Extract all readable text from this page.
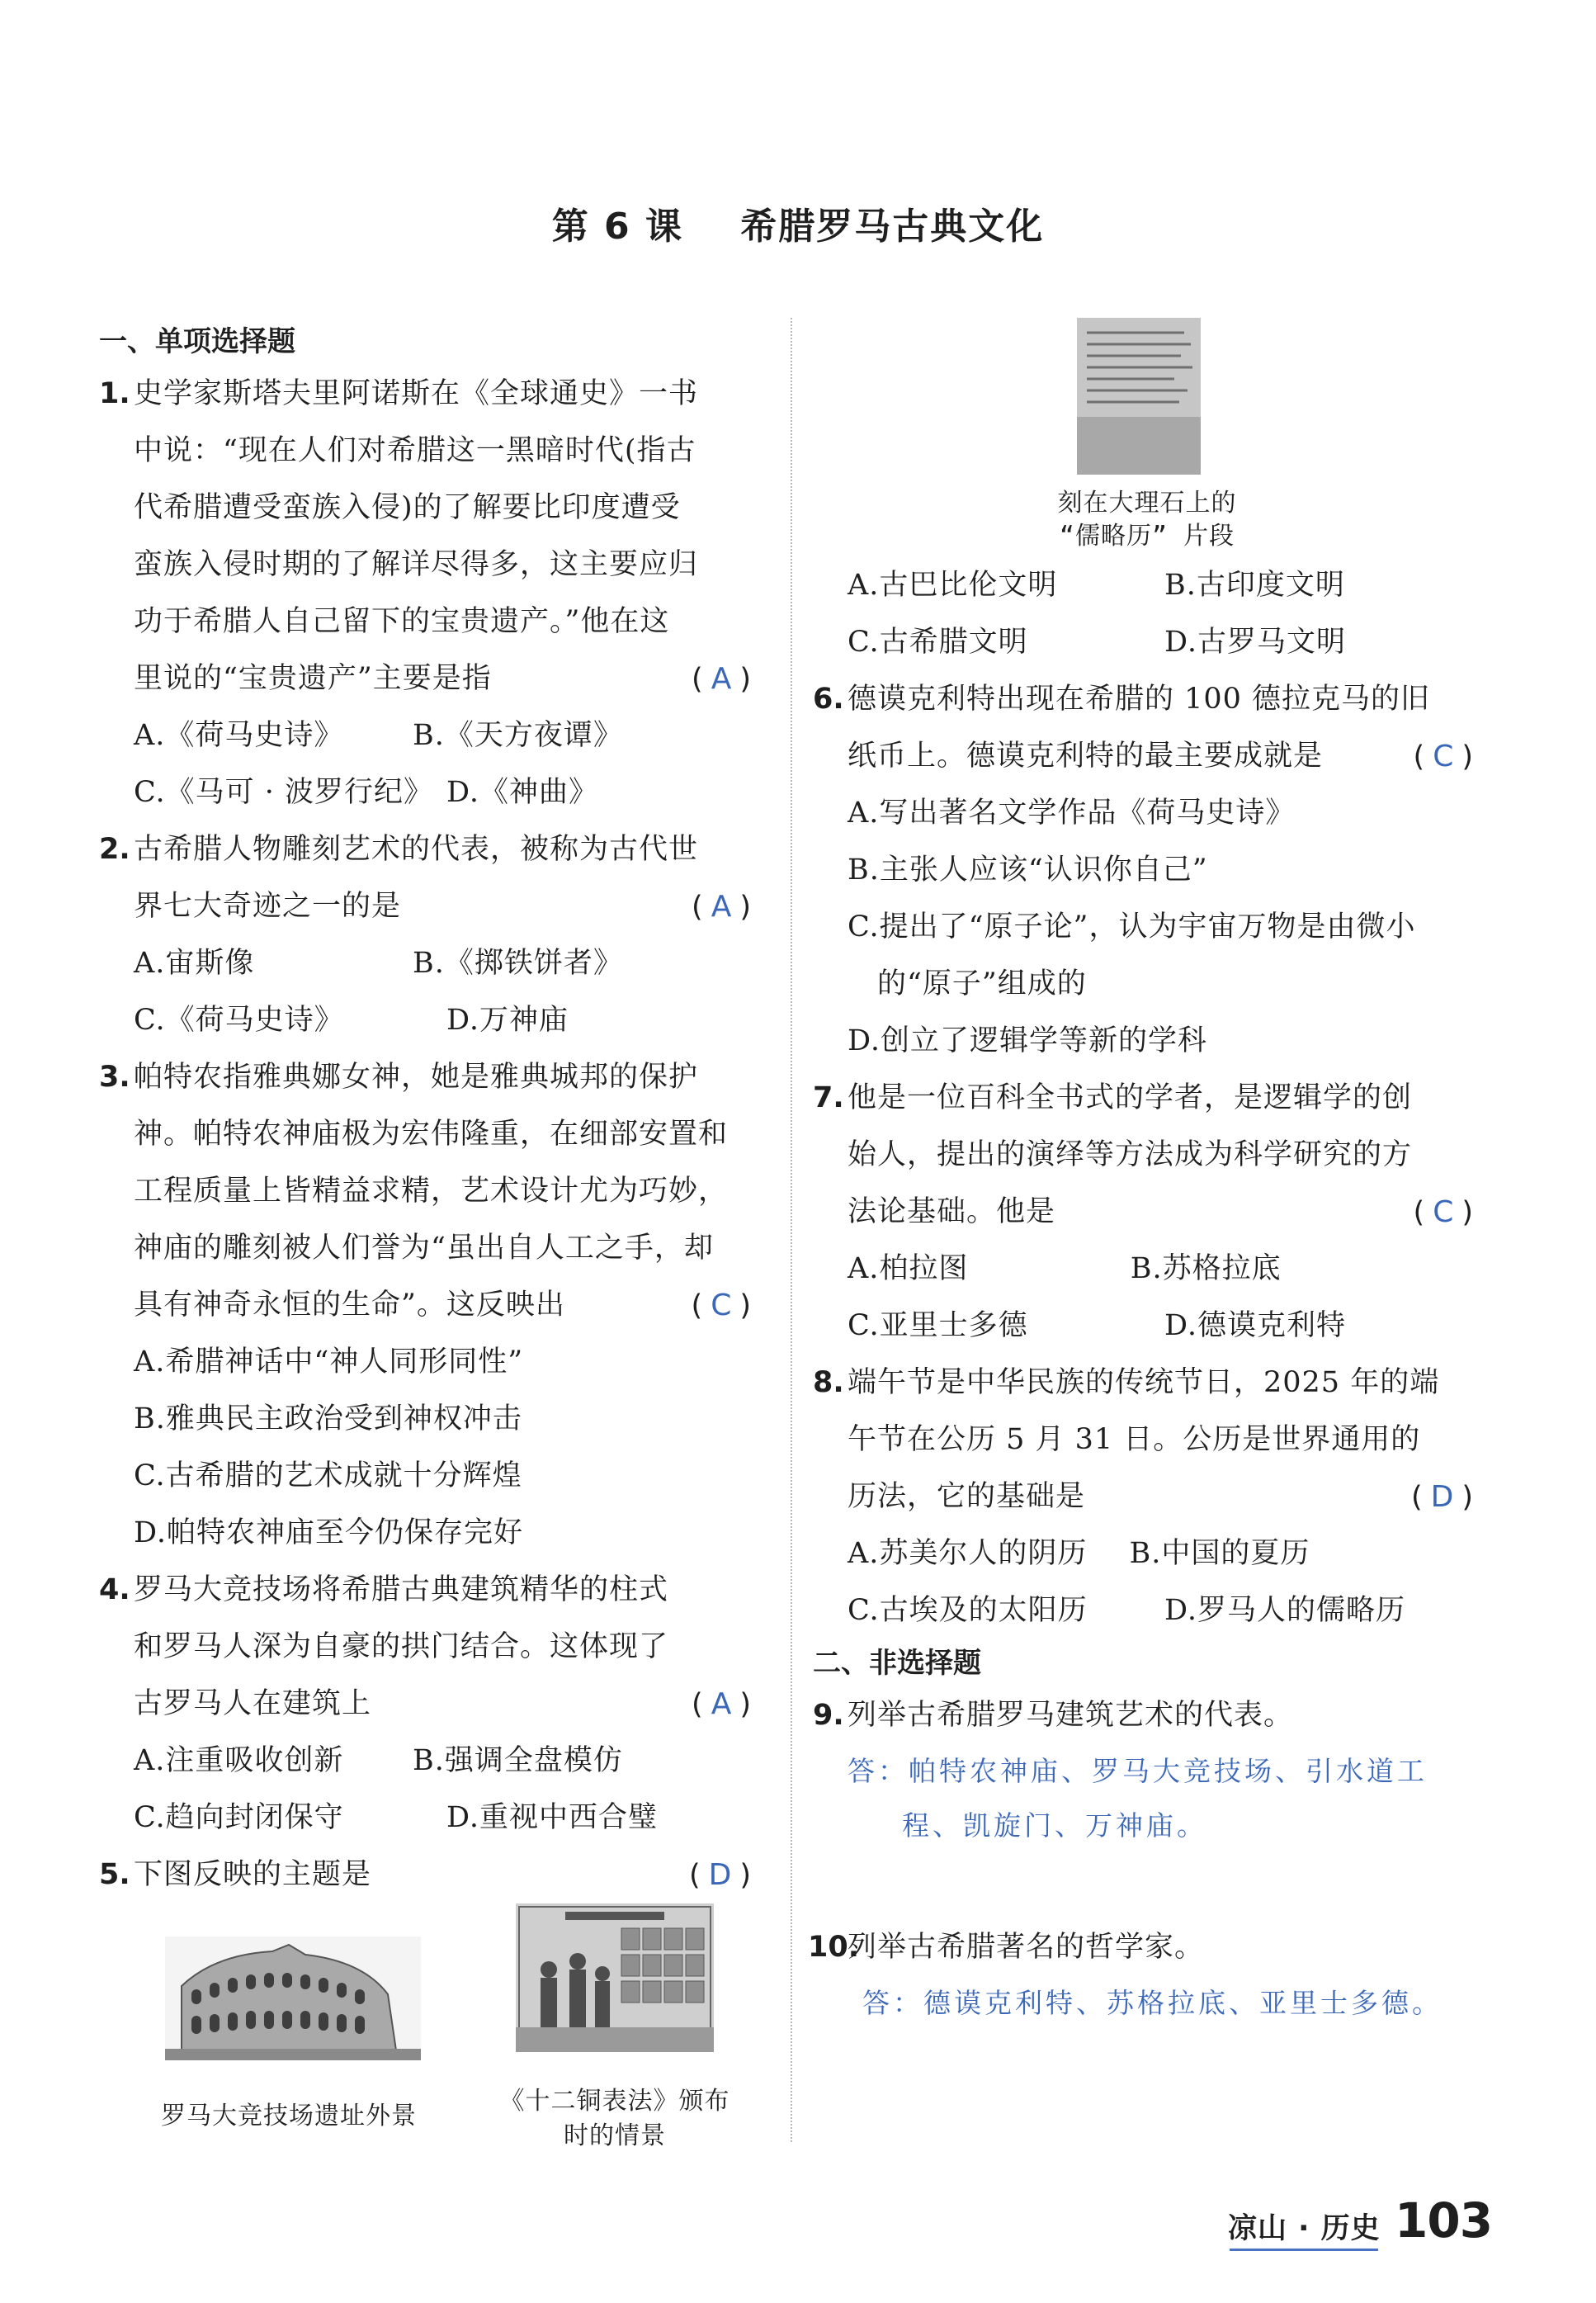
第 6 课    希腊罗马古典文化
一、单项选择题
1. 史学家斯塔夫里阿诺斯在《全球通史》一书
中说：“现在人们对希腊这一黑暗时代(指古
代希腊遭受蛮族入侵)的了解要比印度遭受
蛮族入侵时期的了解详尽得多，这主要应归
功于希腊人自己留下的宝贵遗产。”他在这
里说的“宝贵遗产”主要是指	(A)
A.《荷马史诗》	B.《天方夜谭》
C.《马可 · 波罗行纪》 D.《神曲》
2. 古希腊人物雕刻艺术的代表，被称为古代世
界七大奇迹之一的是	(A)
A.宙斯像	B.《掷铁饼者》
C.《荷马史诗》	D.万神庙
3. 帕特农指雅典娜女神，她是雅典城邦的保护
神。帕特农神庙极为宏伟隆重，在细部安置和
工程质量上皆精益求精，艺术设计尤为巧妙，
神庙的雕刻被人们誉为“虽出自人工之手，却
具有神奇永恒的生命”。这反映出	(C)
A.希腊神话中“神人同形同性”
B.雅典民主政治受到神权冲击
C.古希腊的艺术成就十分辉煌
D.帕特农神庙至今仍保存完好
4. 罗马大竞技场将希腊古典建筑精华的柱式
和罗马人深为自豪的拱门结合。这体现了
古罗马人在建筑上	(A)
A.注重吸收创新	B.强调全盘模仿
C.趋向封闭保守	D.重视中西合璧
5. 下图反映的主题是	(D)
罗马大竞技场遗址外景
《十二铜表法》颁布
时的情景
刻在大理石上的
“儒略历” 片段
A.古巴比伦文明	B.古印度文明
C.古希腊文明	D.古罗马文明
6. 德谟克利特出现在希腊的 100 德拉克马的旧
纸币上。德谟克利特的最主要成就是	(C)
A.写出著名文学作品《荷马史诗》
B.主张人应该“认识你自己”
C.提出了“原子论”，认为宇宙万物是由微小
的“原子”组成的
D.创立了逻辑学等新的学科
7. 他是一位百科全书式的学者，是逻辑学的创
始人，提出的演绎等方法成为科学研究的方
法论基础。他是	(C)
A.柏拉图	B.苏格拉底
C.亚里士多德	D.德谟克利特
8. 端午节是中华民族的传统节日，2025 年的端
午节在公历 5 月 31 日。公历是世界通用的
历法，它的基础是	(D)
A.苏美尔人的阴历	B.中国的夏历
C.古埃及的太阳历	D.罗马人的儒略历
二、非选择题
9. 列举古希腊罗马建筑艺术的代表。
答：帕特农神庙、罗马大竞技场、引水道工
程、凯旋门、万神庙。
10.
列举古希腊著名的哲学家。
答：德谟克利特、苏格拉底、亚里士多德。
凉山 · 历史 103
